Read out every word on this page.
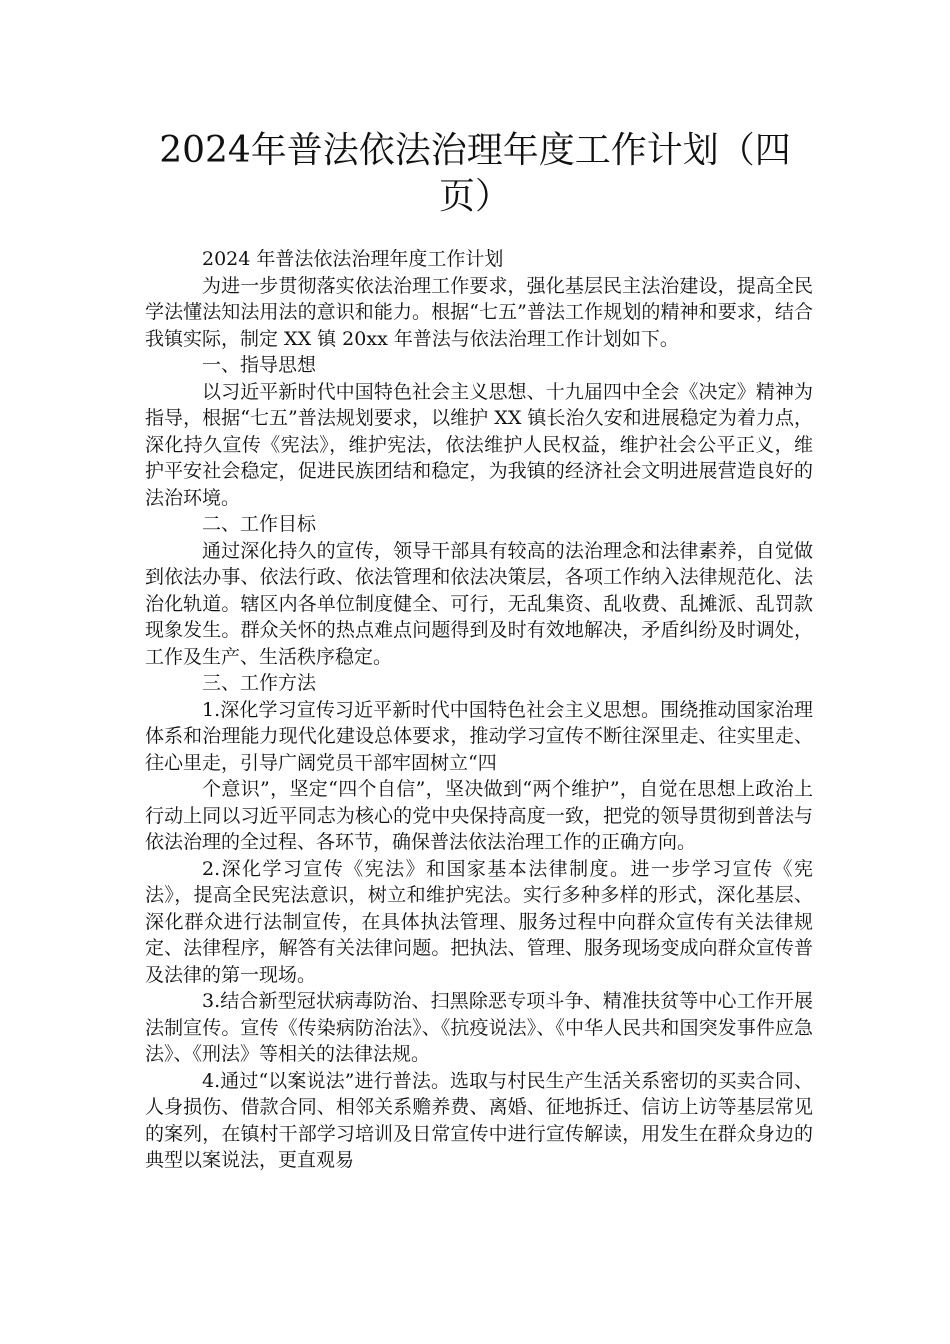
2024年普法依法治理年度工作计划（四
页）

2024 年普法依法治理年度工作计划

为进一步贯彻落实依法治理工作要求，强化基层民主法治建设，提高全民学法懂法知法用法的意识和能力。根据“七五”普法工作规划的精神和要求，结合我镇实际，制定 XX 镇 20xx 年普法与依法治理工作计划如下。

一、指导思想

以习近平新时代中国特色社会主义思想、十九届四中全会《决定》精神为指导，根据“七五”普法规划要求，以维护 XX 镇长治久安和进展稳定为着力点，深化持久宣传《宪法》，维护宪法，依法维护人民权益，维护社会公平正义，维护平安社会稳定，促进民族团结和稳定，为我镇的经济社会文明进展营造良好的法治环境。

二、工作目标

通过深化持久的宣传，领导干部具有较高的法治理念和法律素养，自觉做到依法办事、依法行政、依法管理和依法决策层，各项工作纳入法律规范化、法治化轨道。辖区内各单位制度健全、可行，无乱集资、乱收费、乱摊派、乱罚款现象发生。群众关怀的热点难点问题得到及时有效地解决，矛盾纠纷及时调处，工作及生产、生活秩序稳定。

三、工作方法

1.深化学习宣传习近平新时代中国特色社会主义思想。围绕推动国家治理体系和治理能力现代化建设总体要求，推动学习宣传不断往深里走、往实里走、往心里走，引导广阔党员干部牢固树立“四

个意识”，坚定“四个自信”，坚决做到“两个维护”，自觉在思想上政治上行动上同以习近平同志为核心的党中央保持高度一致，把党的领导贯彻到普法与依法治理的全过程、各环节，确保普法依法治理工作的正确方向。

2.深化学习宣传《宪法》和国家基本法律制度。进一步学习宣传《宪法》，提高全民宪法意识，树立和维护宪法。实行多种多样的形式，深化基层、深化群众进行法制宣传，在具体执法管理、服务过程中向群众宣传有关法律规定、法律程序，解答有关法律问题。把执法、管理、服务现场变成向群众宣传普及法律的第一现场。

3.结合新型冠状病毒防治、扫黑除恶专项斗争、精准扶贫等中心工作开展法制宣传。宣传《传染病防治法》、《抗疫说法》、《中华人民共和国突发事件应急法》、《刑法》等相关的法律法规。

4.通过“以案说法”进行普法。选取与村民生产生活关系密切的买卖合同、人身损伤、借款合同、相邻关系赡养费、离婚、征地拆迁、信访上访等基层常见的案列，在镇村干部学习培训及日常宣传中进行宣传解读，用发生在群众身边的典型以案说法，更直观易
